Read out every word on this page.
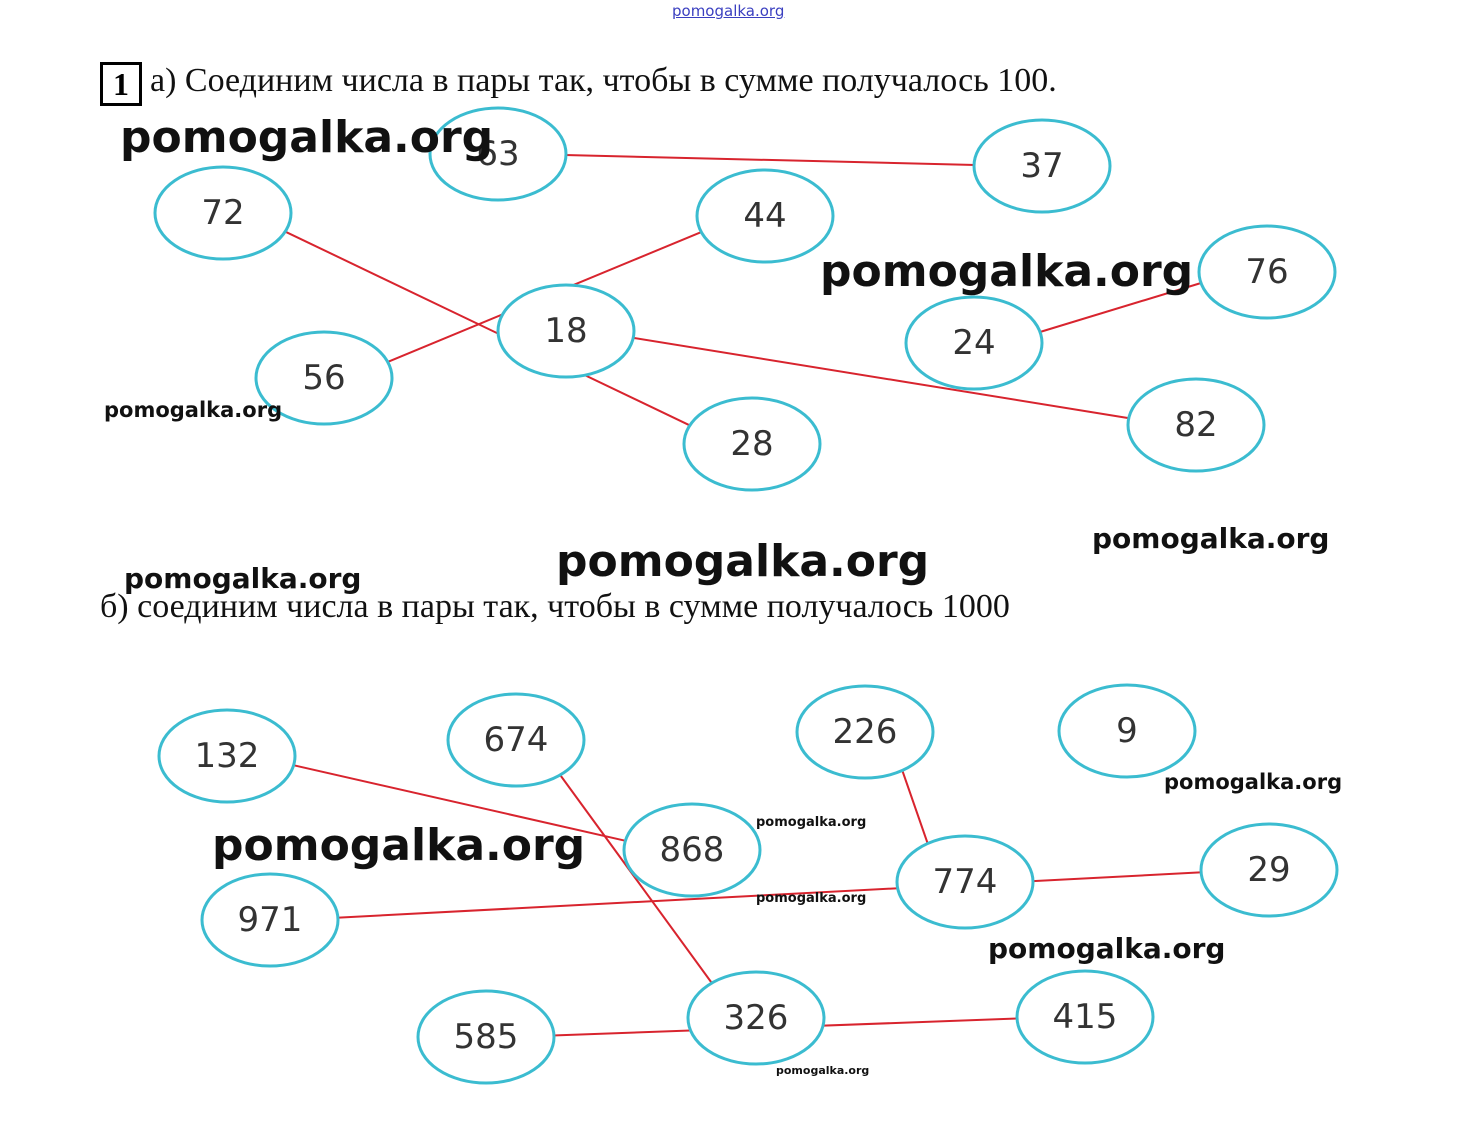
pomogalka.org
1 а) Соединим числа в пары так, чтобы в сумме получалось 100.
б) соединим числа в пары так, чтобы в сумме получалось 1000
63	37
72	44
76
18	24
56
82
28
132	674	226	9
868
774	29
971
585	326	415
pomogalka.org
pomogalka.org
pomogalka.org
pomogalka.org
pomogalka.org
pomogalka.org
pomogalka.org
pomogalka.org
pomogalka.org
pomogalka.org
pomogalka.org
pomogalka.org
